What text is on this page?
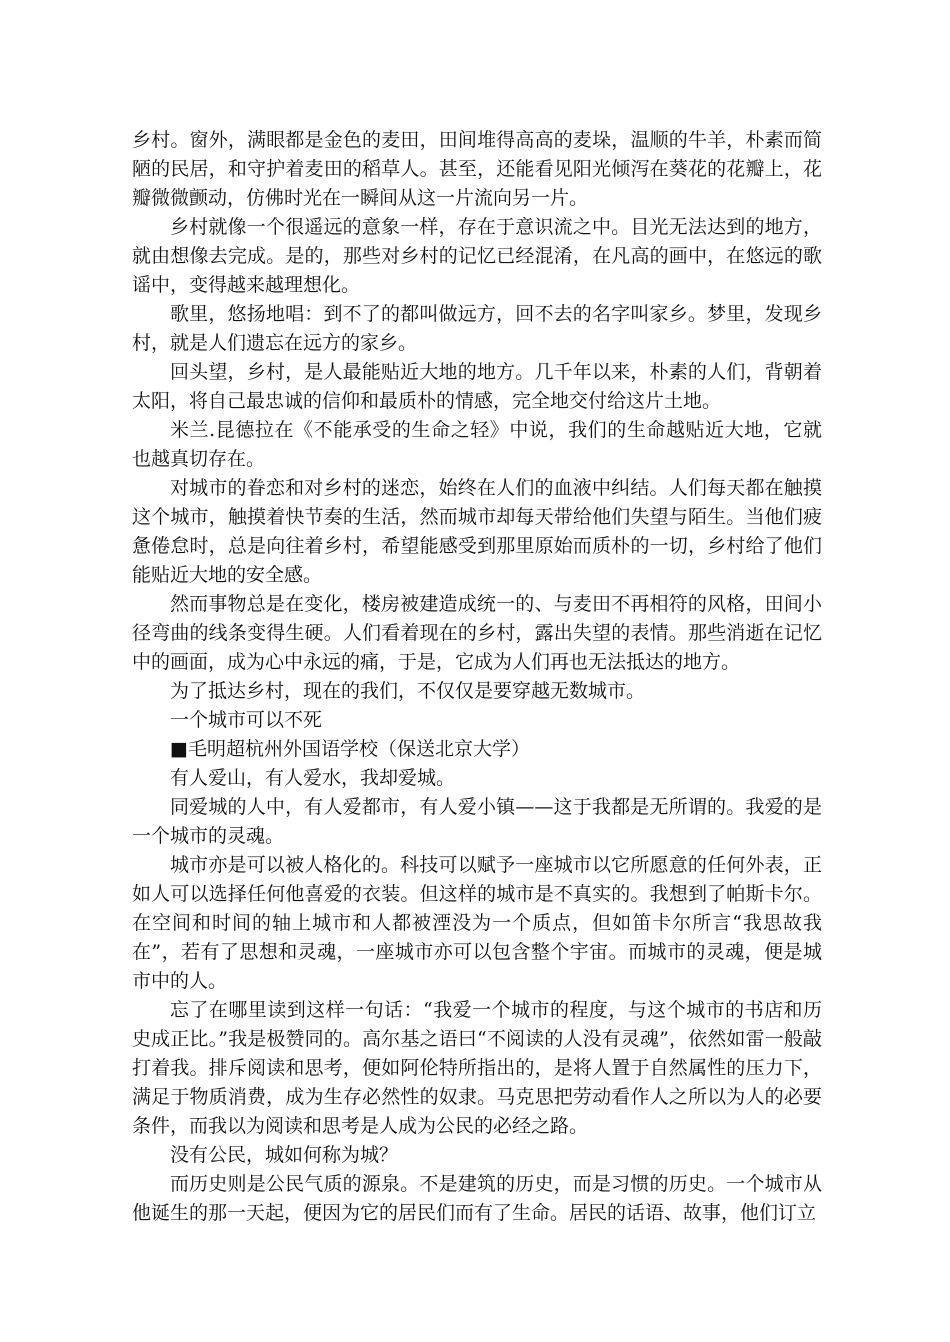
乡村。窗外，满眼都是金色的麦田，田间堆得高高的麦垛，温顺的牛羊，朴素而简陋的民居，和守护着麦田的稻草人。甚至，还能看见阳光倾泻在葵花的花瓣上，花瓣微微颤动，仿佛时光在一瞬间从这一片流向另一片。

乡村就像一个很遥远的意象一样，存在于意识流之中。目光无法达到的地方，就由想像去完成。是的，那些对乡村的记忆已经混淆，在凡高的画中，在悠远的歌谣中，变得越来越理想化。

歌里，悠扬地唱：到不了的都叫做远方，回不去的名字叫家乡。梦里，发现乡村，就是人们遗忘在远方的家乡。

回头望，乡村，是人最能贴近大地的地方。几千年以来，朴素的人们，背朝着太阳，将自己最忠诚的信仰和最质朴的情感，完全地交付给这片土地。

米兰.昆德拉在《不能承受的生命之轻》中说，我们的生命越贴近大地，它就也越真切存在。

对城市的眷恋和对乡村的迷恋，始终在人们的血液中纠结。人们每天都在触摸这个城市，触摸着快节奏的生活，然而城市却每天带给他们失望与陌生。当他们疲惫倦怠时，总是向往着乡村，希望能感受到那里原始而质朴的一切，乡村给了他们能贴近大地的安全感。

然而事物总是在变化，楼房被建造成统一的、与麦田不再相符的风格，田间小径弯曲的线条变得生硬。人们看着现在的乡村，露出失望的表情。那些消逝在记忆中的画面，成为心中永远的痛，于是，它成为人们再也无法抵达的地方。

为了抵达乡村，现在的我们，不仅仅是要穿越无数城市。

一个城市可以不死

■毛明超杭州外国语学校（保送北京大学）

有人爱山，有人爱水，我却爱城。

同爱城的人中，有人爱都市，有人爱小镇——这于我都是无所谓的。我爱的是一个城市的灵魂。

城市亦是可以被人格化的。科技可以赋予一座城市以它所愿意的任何外表，正如人可以选择任何他喜爱的衣装。但这样的城市是不真实的。我想到了帕斯卡尔。在空间和时间的轴上城市和人都被湮没为一个质点，但如笛卡尔所言“我思故我在”，若有了思想和灵魂，一座城市亦可以包含整个宇宙。而城市的灵魂，便是城市中的人。

忘了在哪里读到这样一句话：“我爱一个城市的程度，与这个城市的书店和历史成正比。”我是极赞同的。高尔基之语曰“不阅读的人没有灵魂”，依然如雷一般敲打着我。排斥阅读和思考，便如阿伦特所指出的，是将人置于自然属性的压力下，满足于物质消费，成为生存必然性的奴隶。马克思把劳动看作人之所以为人的必要条件，而我以为阅读和思考是人成为公民的必经之路。

没有公民，城如何称为城？

而历史则是公民气质的源泉。不是建筑的历史，而是习惯的历史。一个城市从他诞生的那一天起，便因为它的居民们而有了生命。居民的话语、故事，他们订立
